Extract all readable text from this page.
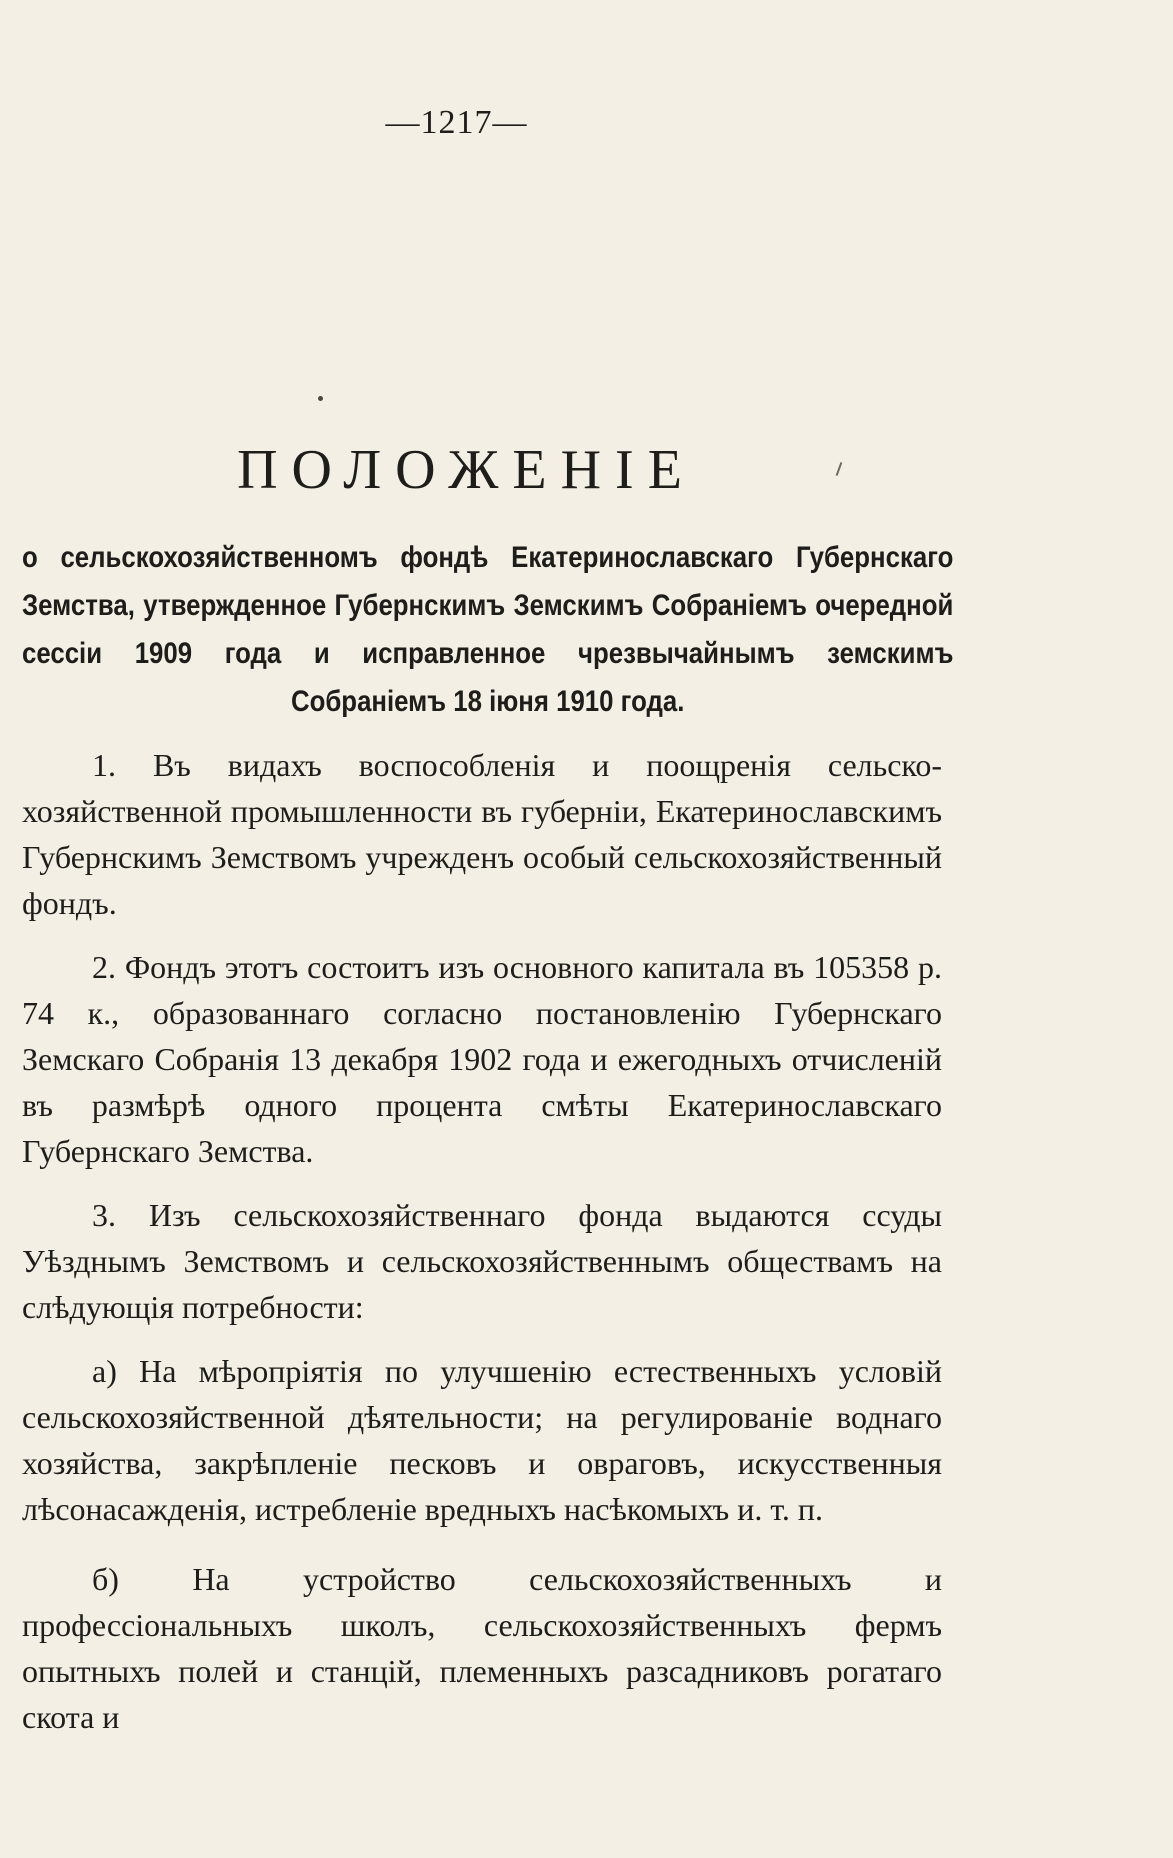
—1217—
ПОЛОЖЕНІЕ
о сельскохозяйственномъ фондѣ Екатеринославскаго Губернскаго Земства, утвержденное Губернскимъ Земскимъ Собраніемъ очередной сессіи 1909 года и исправленное чрезвычайнымъ земскимъ Собраніемъ 18 іюня 1910 года.

1. Въ видахъ воспособленія и поощренія сельско-хозяйственной промышленности въ губерніи, Екатеринославскимъ Губернскимъ Земствомъ учрежденъ особый сельскохозяйственный фондъ.

2. Фондъ этотъ состоитъ изъ основного капитала въ 105358 р. 74 к., образованнаго согласно постановленію Губернскаго Земскаго Собранія 13 декабря 1902 года и ежегодныхъ отчисленій въ размѣрѣ одного процента смѣты Екатеринославскаго Губернскаго Земства.

3. Изъ сельскохозяйственнаго фонда выдаются ссуды Уѣзднымъ Земствомъ и сельскохозяйственнымъ обществамъ на слѣдующія потребности:

а) На мѣропріятія по улучшенію естественныхъ условій сельскохозяйственной дѣятельности; на регулированіе воднаго хозяйства, закрѣпленіе песковъ и овраговъ, искусственныя лѣсонасажденія, истребленіе вредныхъ насѣкомыхъ и. т. п.

б) На устройство сельскохозяйственныхъ и профессіональныхъ школъ, сельскохозяйственныхъ фермъ опытныхъ полей и станцій, племенныхъ разсадниковъ рогатаго скота и
